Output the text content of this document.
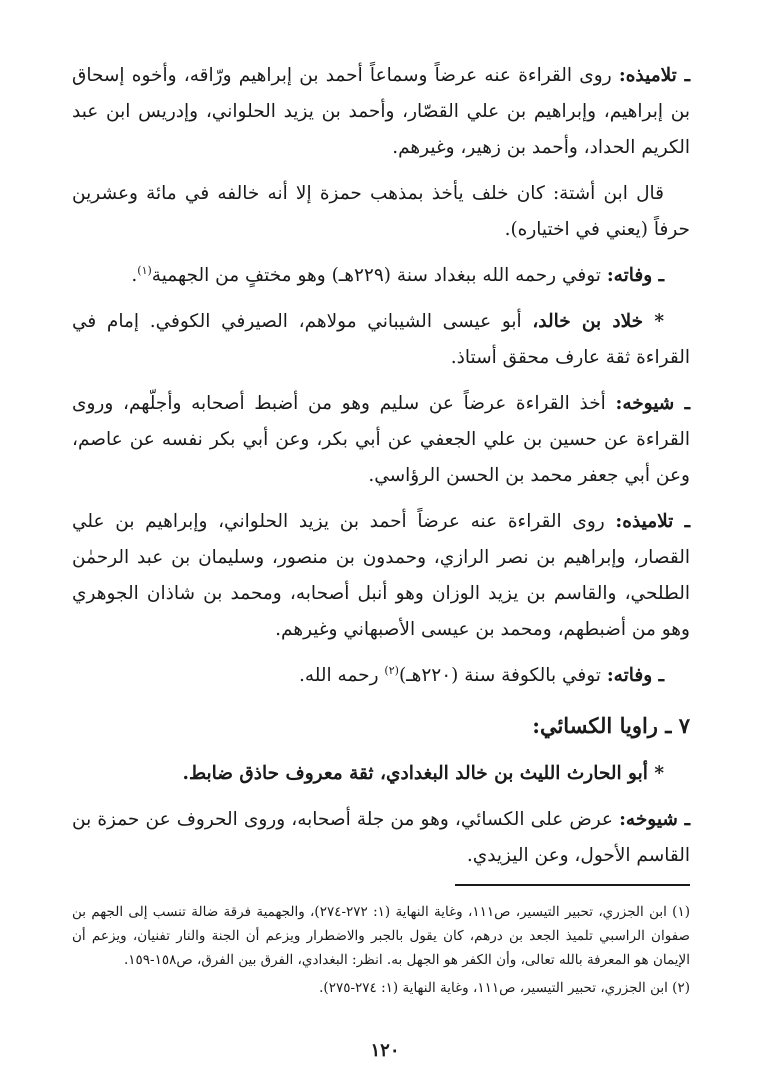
ـ تلاميذه: روى القراءة عنه عرضاً وسماعاً أحمد بن إبراهيم ورّاقه، وأخوه إسحاق بن إبراهيم، وإبراهيم بن علي القصّار، وأحمد بن يزيد الحلواني، وإدريس ابن عبد الكريم الحداد، وأحمد بن زهير، وغيرهم.

قال ابن أشتة: كان خلف يأخذ بمذهب حمزة إلا أنه خالفه في مائة وعشرين حرفاً (يعني في اختياره).

ـ وفاته: توفي رحمه الله ببغداد سنة (٢٢٩هـ) وهو مختفٍ من الجهمية$^{(١)}$.

* خلاد بن خالد، أبو عيسى الشيباني مولاهم، الصيرفي الكوفي. إمام في القراءة ثقة عارف محقق أستاذ.

ـ شيوخه: أخذ القراءة عرضاً عن سليم وهو من أضبط أصحابه وأجلّهم، وروى القراءة عن حسين بن علي الجعفي عن أبي بكر، وعن أبي بكر نفسه عن عاصم، وعن أبي جعفر محمد بن الحسن الرؤاسي.

ـ تلاميذه: روى القراءة عنه عرضاً أحمد بن يزيد الحلواني، وإبراهيم بن علي القصار، وإبراهيم بن نصر الرازي، وحمدون بن منصور، وسليمان بن عبد الرحمٰن الطلحي، والقاسم بن يزيد الوزان وهو أنبل أصحابه، ومحمد بن شاذان الجوهري وهو من أضبطهم، ومحمد بن عيسى الأصبهاني وغيرهم.

ـ وفاته: توفي بالكوفة سنة (٢٢٠هـ)$^{(٢)}$ رحمه الله.

٧ ـ راويا الكسائي:

* أبو الحارث الليث بن خالد البغدادي، ثقة معروف حاذق ضابط.

ـ شيوخه: عرض على الكسائي، وهو من جلة أصحابه، وروى الحروف عن حمزة بن القاسم الأحول، وعن اليزيدي.

(١) ابن الجزري، تحبير التيسير، ص١١١، وغاية النهاية (١: ٢٧٢-٢٧٤)، والجهمية فرقة ضالة تنسب إلى الجهم بن صفوان الراسبي تلميذ الجعد بن درهم، كان يقول بالجبر والاضطرار ويزعم أن الجنة والنار تفنيان، ويزعم أن الإيمان هو المعرفة بالله تعالى، وأن الكفر هو الجهل به. انظر: البغدادي، الفرق بين الفرق، ص١٥٨-١٥٩.

(٢) ابن الجزري، تحبير التيسير، ص١١١، وغاية النهاية (١: ٢٧٤-٢٧٥).

١٢٠
